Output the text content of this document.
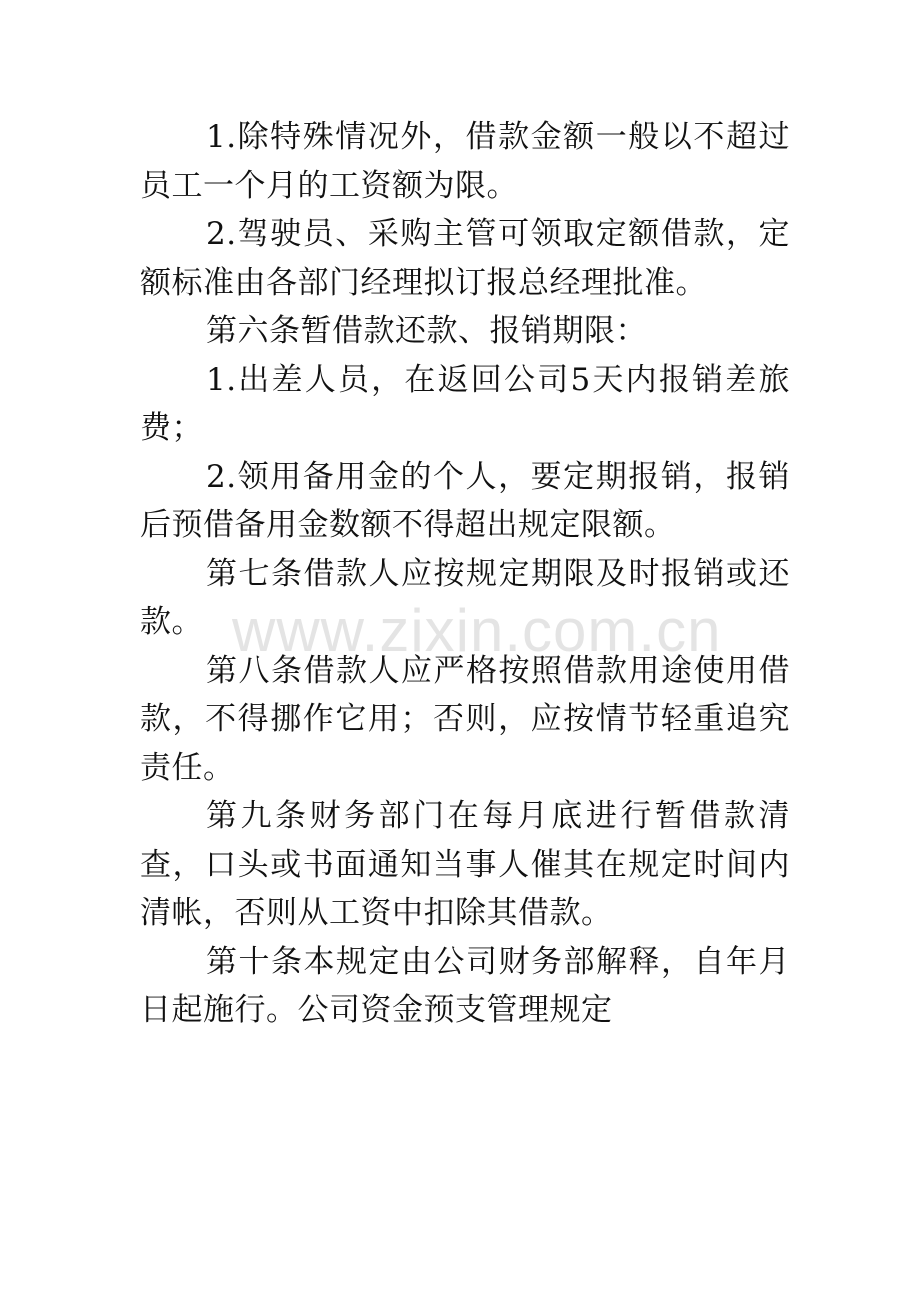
1.除特殊情况外，借款金额一般以不超过员工一个月的工资额为限。

2.驾驶员、采购主管可领取定额借款，定额标准由各部门经理拟订报总经理批准。

第六条暂借款还款、报销期限：

1.出差人员，在返回公司5天内报销差旅费；

2.领用备用金的个人，要定期报销，报销后预借备用金数额不得超出规定限额。

第七条借款人应按规定期限及时报销或还款。

第八条借款人应严格按照借款用途使用借款，不得挪作它用；否则，应按情节轻重追究责任。

第九条财务部门在每月底进行暂借款清查，口头或书面通知当事人催其在规定时间内清帐，否则从工资中扣除其借款。

第十条本规定由公司财务部解释，自年月日起施行。公司资金预支管理规定

www.zixin.com.cn
